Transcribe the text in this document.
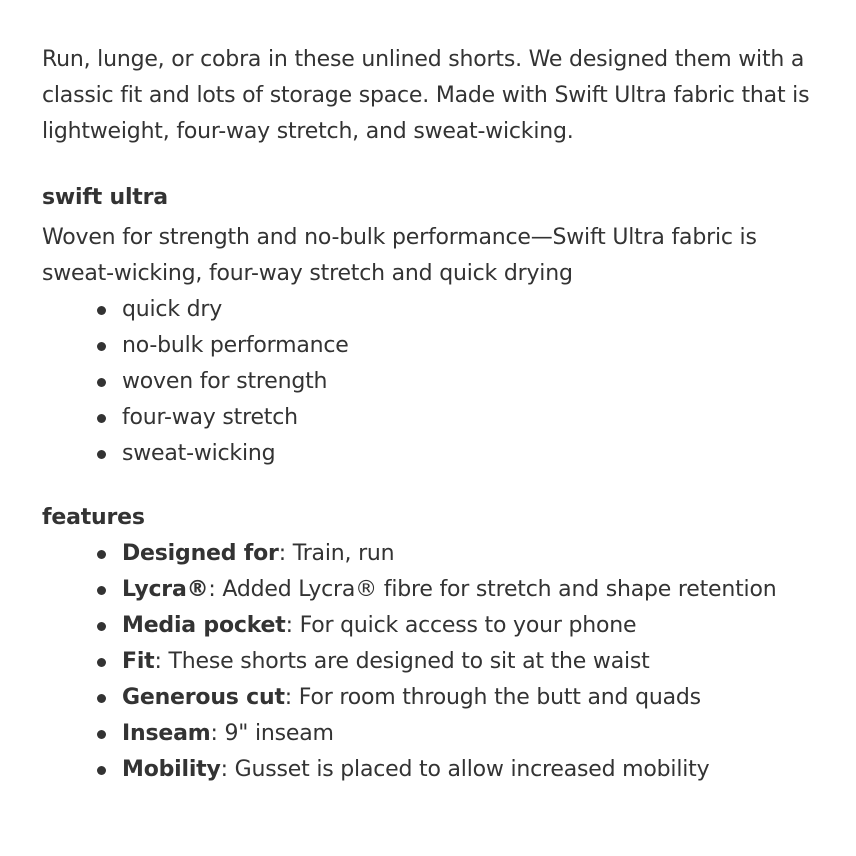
Run, lunge, or cobra in these unlined shorts. We designed them with a classic fit and lots of storage space. Made with Swift Ultra fabric that is lightweight, four-way stretch, and sweat-wicking.

swift ultra

Woven for strength and no-bulk performance—Swift Ultra fabric is sweat-wicking, four-way stretch and quick drying

quick dry
no-bulk performance
woven for strength
four-way stretch
sweat-wicking
features
Designed for: Train, run
Lycra®: Added Lycra® fibre for stretch and shape retention
Media pocket: For quick access to your phone
Fit: These shorts are designed to sit at the waist
Generous cut: For room through the butt and quads
Inseam: 9" inseam
Mobility: Gusset is placed to allow increased mobility
